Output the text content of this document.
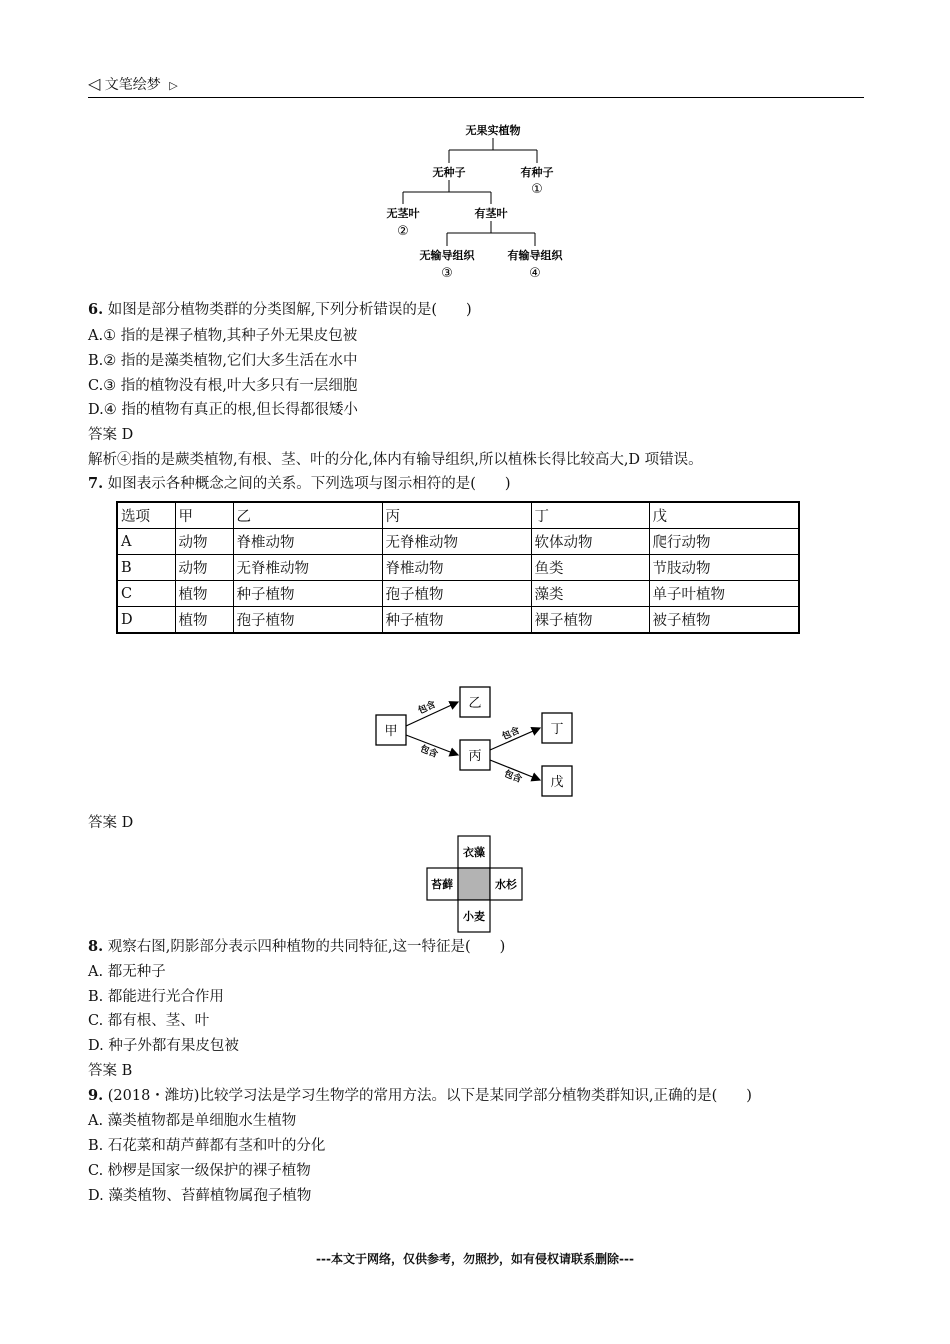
◁ 文笔绘梦 ▷
无果实植物
无种子	有种子
①
无茎叶
②
有茎叶
无输导组织
③
有输导组织
④
6. 如图是部分植物类群的分类图解,下列分析错误的是(　　)
A.① 指的是裸子植物,其种子外无果皮包被
B.② 指的是藻类植物,它们大多生活在水中
C.③ 指的植物没有根,叶大多只有一层细胞
D.④ 指的植物有真正的根,但长得都很矮小
答案 D
解析④指的是蕨类植物,有根、茎、叶的分化,体内有输导组织,所以植株长得比较高大,D 项错误。
7. 如图表示各种概念之间的关系。下列选项与图示相符的是(　　)
选项	甲	乙	丙	丁	戊
A	动物	脊椎动物	无脊椎动物	软体动物	爬行动物
B	动物	无脊椎动物	脊椎动物	鱼类	节肢动物
C	植物	种子植物	孢子植物	藻类	单子叶植物
D	植物	孢子植物	种子植物	裸子植物	被子植物
甲
乙
丙
丁
戊
包含
包含
包含
包含
答案 D
衣藻
苔藓	水杉
小麦
8. 观察右图,阴影部分表示四种植物的共同特征,这一特征是(　　)
A. 都无种子
B. 都能进行光合作用
C. 都有根、茎、叶
D. 种子外都有果皮包被
答案 B
9. (2018・潍坊)比较学习法是学习生物学的常用方法。以下是某同学部分植物类群知识,正确的是(　　)
A. 藻类植物都是单细胞水生植物
B. 石花菜和葫芦藓都有茎和叶的分化
C. 桫椤是国家一级保护的裸子植物
D. 藻类植物、苔藓植物属孢子植物
---本文于网络，仅供参考，勿照抄，如有侵权请联系删除---
